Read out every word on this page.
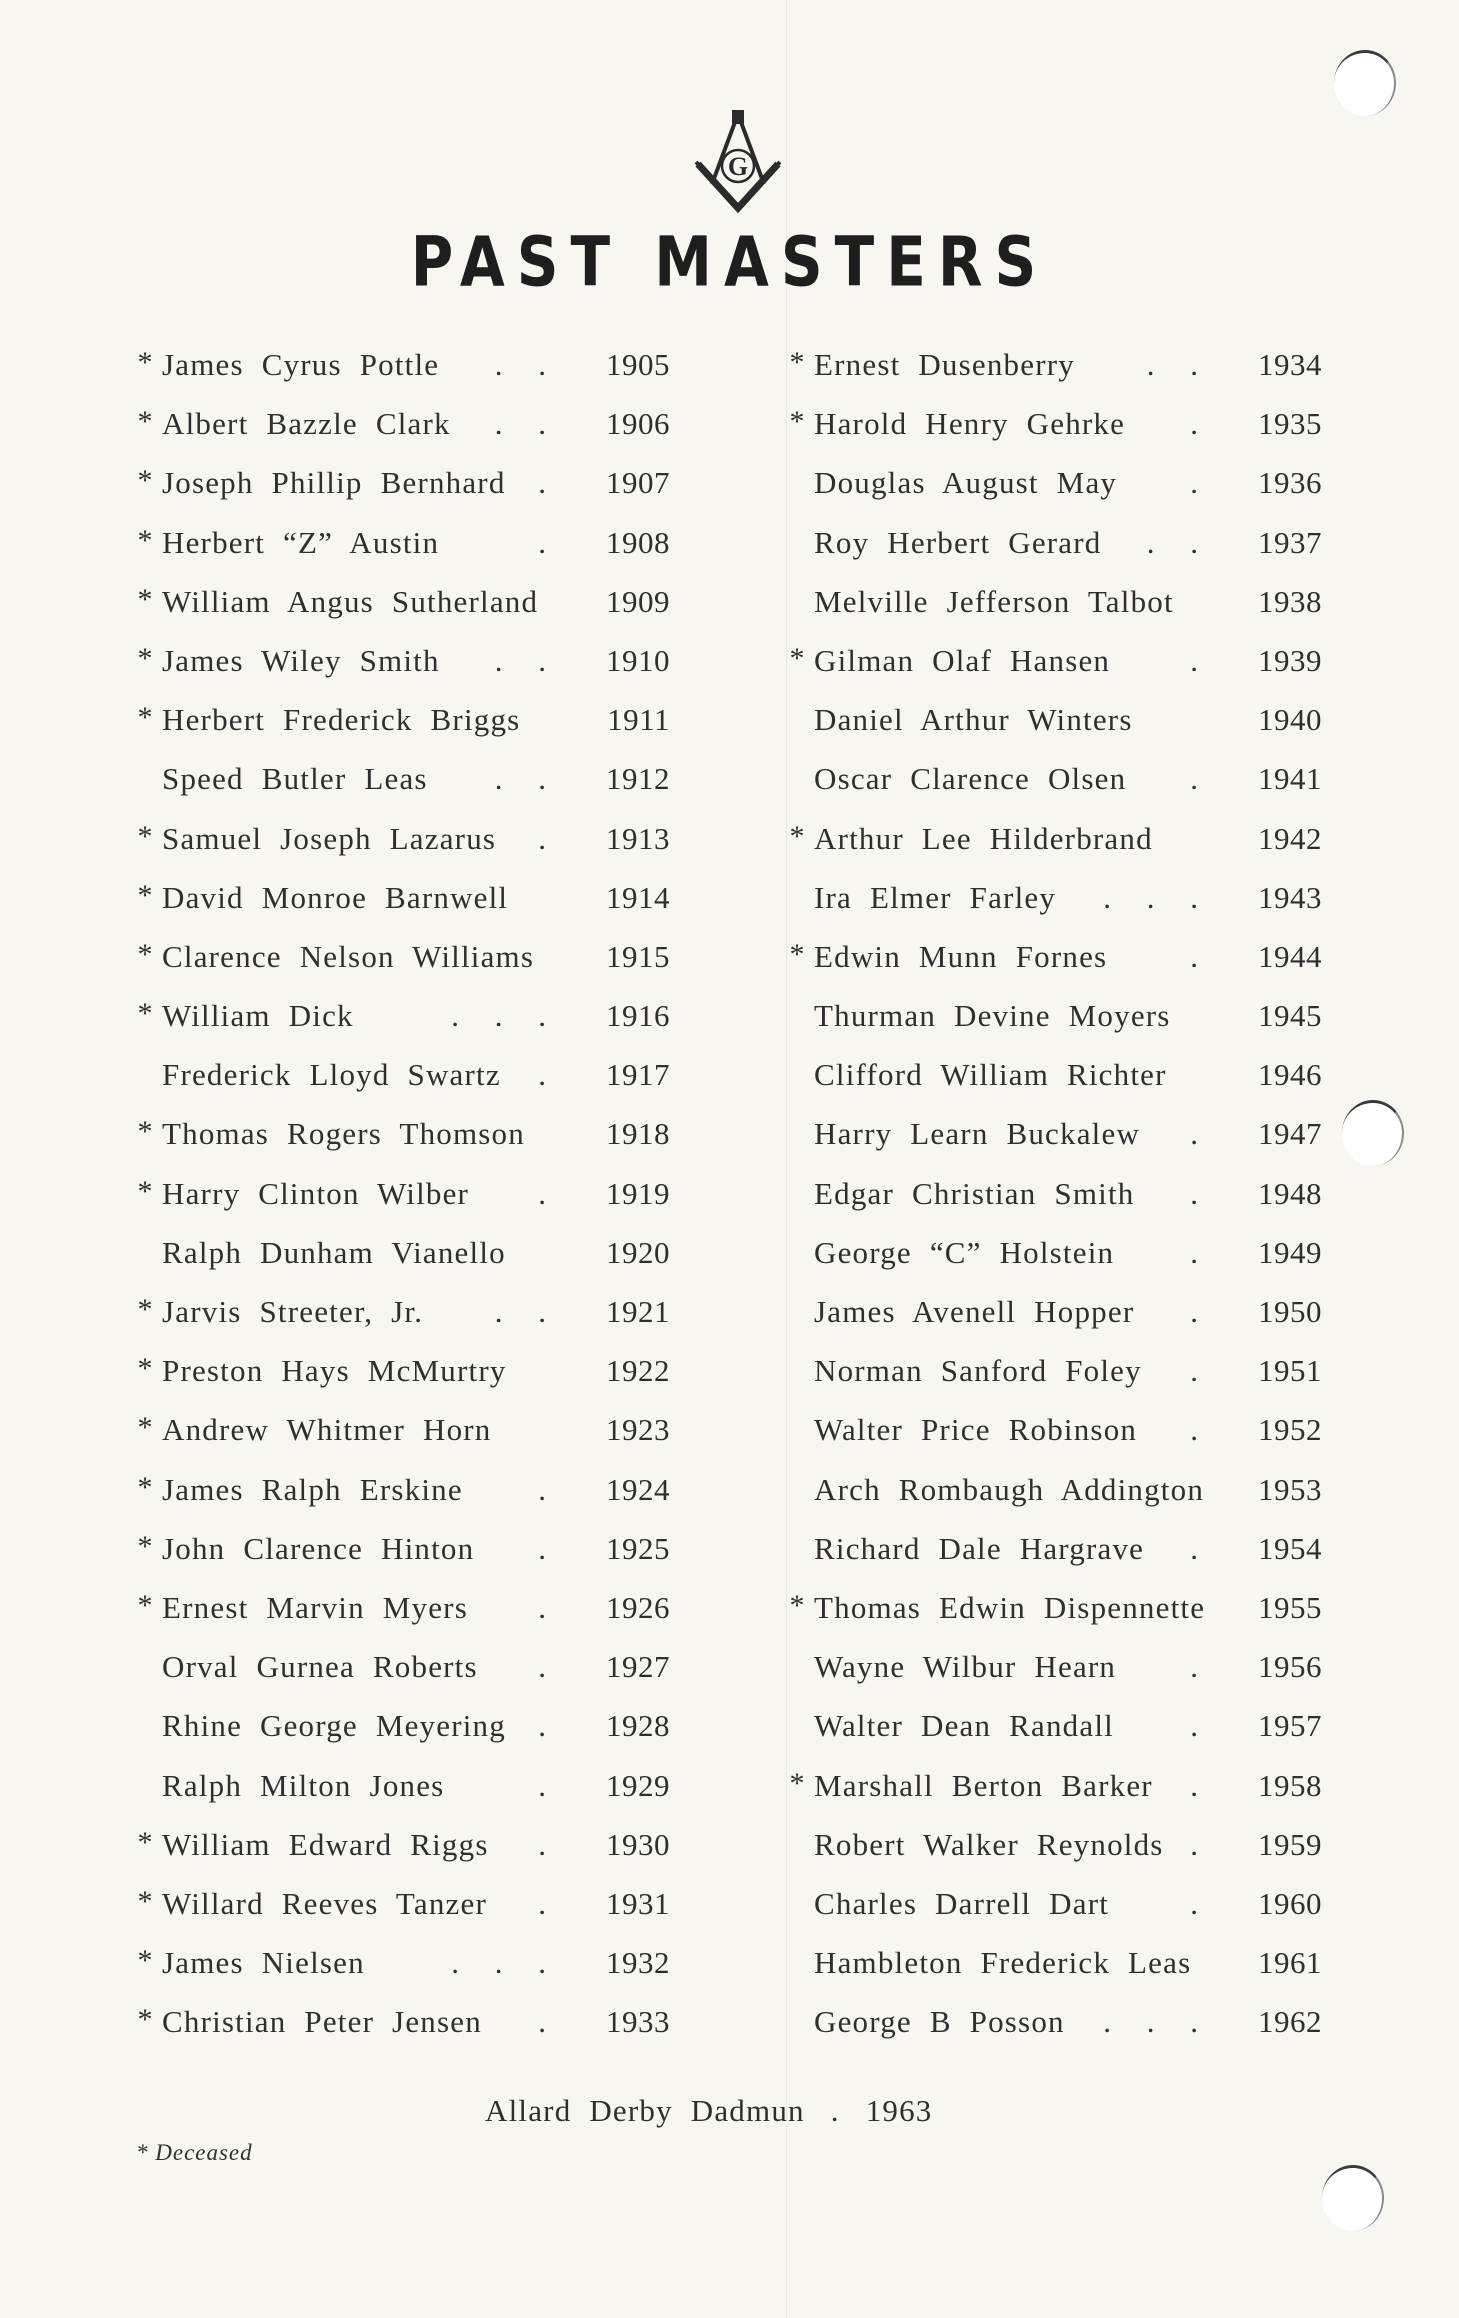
G
PAST MASTERS
* James Cyrus Pottle . .	1905
* Albert Bazzle Clark . .	1906
* Joseph Phillip Bernhard .	1907
* Herbert “Z” Austin	.	1908
* William Angus Sutherland	1909
* James Wiley Smith . .	1910
* Herbert Frederick Briggs	1911
Speed Butler Leas . .	1912
* Samuel Joseph Lazarus .	1913
* David Monroe Barnwell	1914
* Clarence Nelson Williams	1915
* William Dick	. . .	1916
Frederick Lloyd Swartz .	1917
* Thomas Rogers Thomson	1918
* Harry Clinton Wilber .	1919
Ralph Dunham Vianello	1920
* Jarvis Streeter, Jr. . .	1921
* Preston Hays McMurtry	1922
* Andrew Whitmer Horn	1923
* James Ralph Erskine .	1924
* John Clarence Hinton .	1925
* Ernest Marvin Myers .	1926
Orval Gurnea Roberts .	1927
Rhine George Meyering .	1928
Ralph Milton Jones	.	1929
* William Edward Riggs .	1930
* Willard Reeves Tanzer .	1931
* James Nielsen	. . .	1932
* Christian Peter Jensen .	1933
* Ernest Dusenberry . .	1934
* Harold Henry Gehrke .	1935
Douglas August May .	1936
Roy Herbert Gerard . .	1937
Melville Jefferson Talbot	1938
* Gilman Olaf Hansen	.	1939
Daniel Arthur Winters	1940
Oscar Clarence Olsen .	1941
* Arthur Lee Hilderbrand	1942
Ira Elmer Farley . . .	1943
* Edwin Munn Fornes	.	1944
Thurman Devine Moyers	1945
Clifford William Richter	1946
Harry Learn Buckalew .	1947
Edgar Christian Smith .	1948
George “C” Holstein .	1949
James Avenell Hopper .	1950
Norman Sanford Foley .	1951
Walter Price Robinson .	1952
Arch Rombaugh Addington	1953
Richard Dale Hargrave .	1954
* Thomas Edwin Dispennette	1955
Wayne Wilbur Hearn .	1956
Walter Dean Randall .	1957
* Marshall Berton Barker .	1958
Robert Walker Reynolds .	1959
Charles Darrell Dart	.	1960
Hambleton Frederick Leas	1961
George B Posson . . .	1962
Allard Derby Dadmun . 1963
* Deceased
